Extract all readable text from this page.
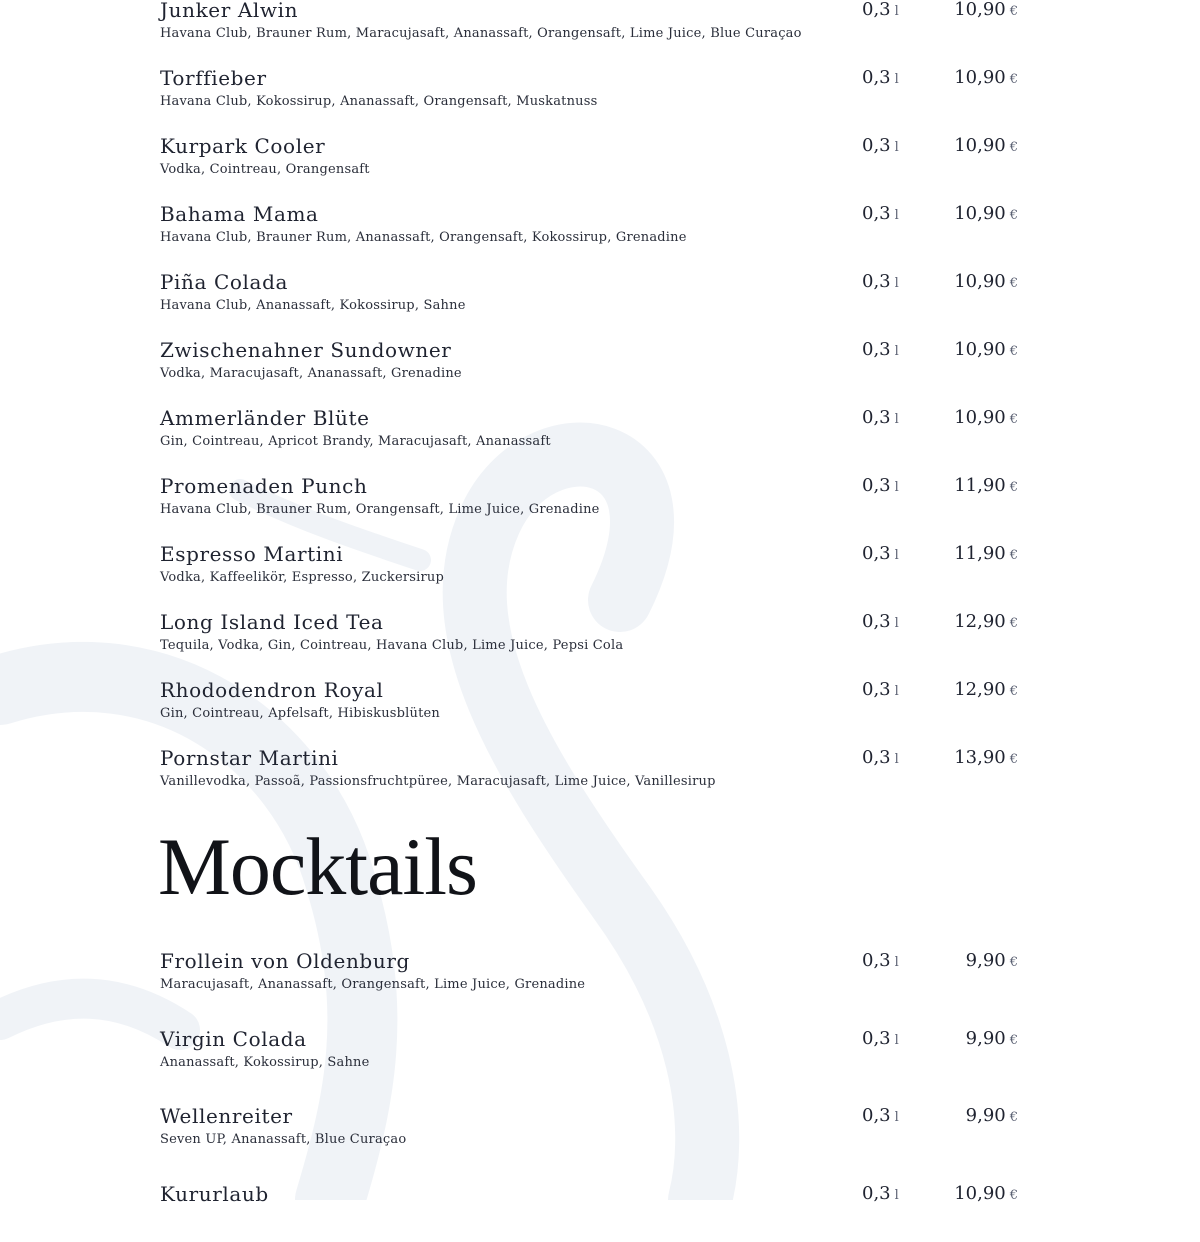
Junker Alwin
Havana Club, Brauner Rum, Maracujasaft, Ananassaft, Orangensaft, Lime Juice, Blue Curaçao
0,3 l	10,90 €
Torffieber
Havana Club, Kokossirup, Ananassaft, Orangensaft, Muskatnuss
0,3 l	10,90 €
Kurpark Cooler
Vodka, Cointreau, Orangensaft
0,3 l	10,90 €
Bahama Mama
Havana Club, Brauner Rum, Ananassaft, Orangensaft, Kokossirup, Grenadine
0,3 l	10,90 €
Piña Colada
Havana Club, Ananassaft, Kokossirup, Sahne
0,3 l	10,90 €
Zwischenahner Sundowner
Vodka, Maracujasaft, Ananassaft, Grenadine
0,3 l	10,90 €
Ammerländer Blüte
Gin, Cointreau, Apricot Brandy, Maracujasaft, Ananassaft
0,3 l	10,90 €
Promenaden Punch
Havana Club, Brauner Rum, Orangensaft, Lime Juice, Grenadine
0,3 l	11,90 €
Espresso Martini
Vodka, Kaffeelikör, Espresso, Zuckersirup
0,3 l	11,90 €
Long Island Iced Tea
Tequila, Vodka, Gin, Cointreau, Havana Club, Lime Juice, Pepsi Cola
0,3 l	12,90 €
Rhododendron Royal
Gin, Cointreau, Apfelsaft, Hibiskusblüten
0,3 l	12,90 €
Pornstar Martini
Vanillevodka, Passoã, Passionsfruchtpüree, Maracujasaft, Lime Juice, Vanillesirup
0,3 l	13,90 €
Mocktails
Frollein von Oldenburg
Maracujasaft, Ananassaft, Orangensaft, Lime Juice, Grenadine
0,3 l	9,90 €
Virgin Colada
Ananassaft, Kokossirup, Sahne
0,3 l	9,90 €
Wellenreiter
Seven UP, Ananassaft, Blue Curaçao
0,3 l	9,90 €
Kururlaub	0,3 l	10,90 €
